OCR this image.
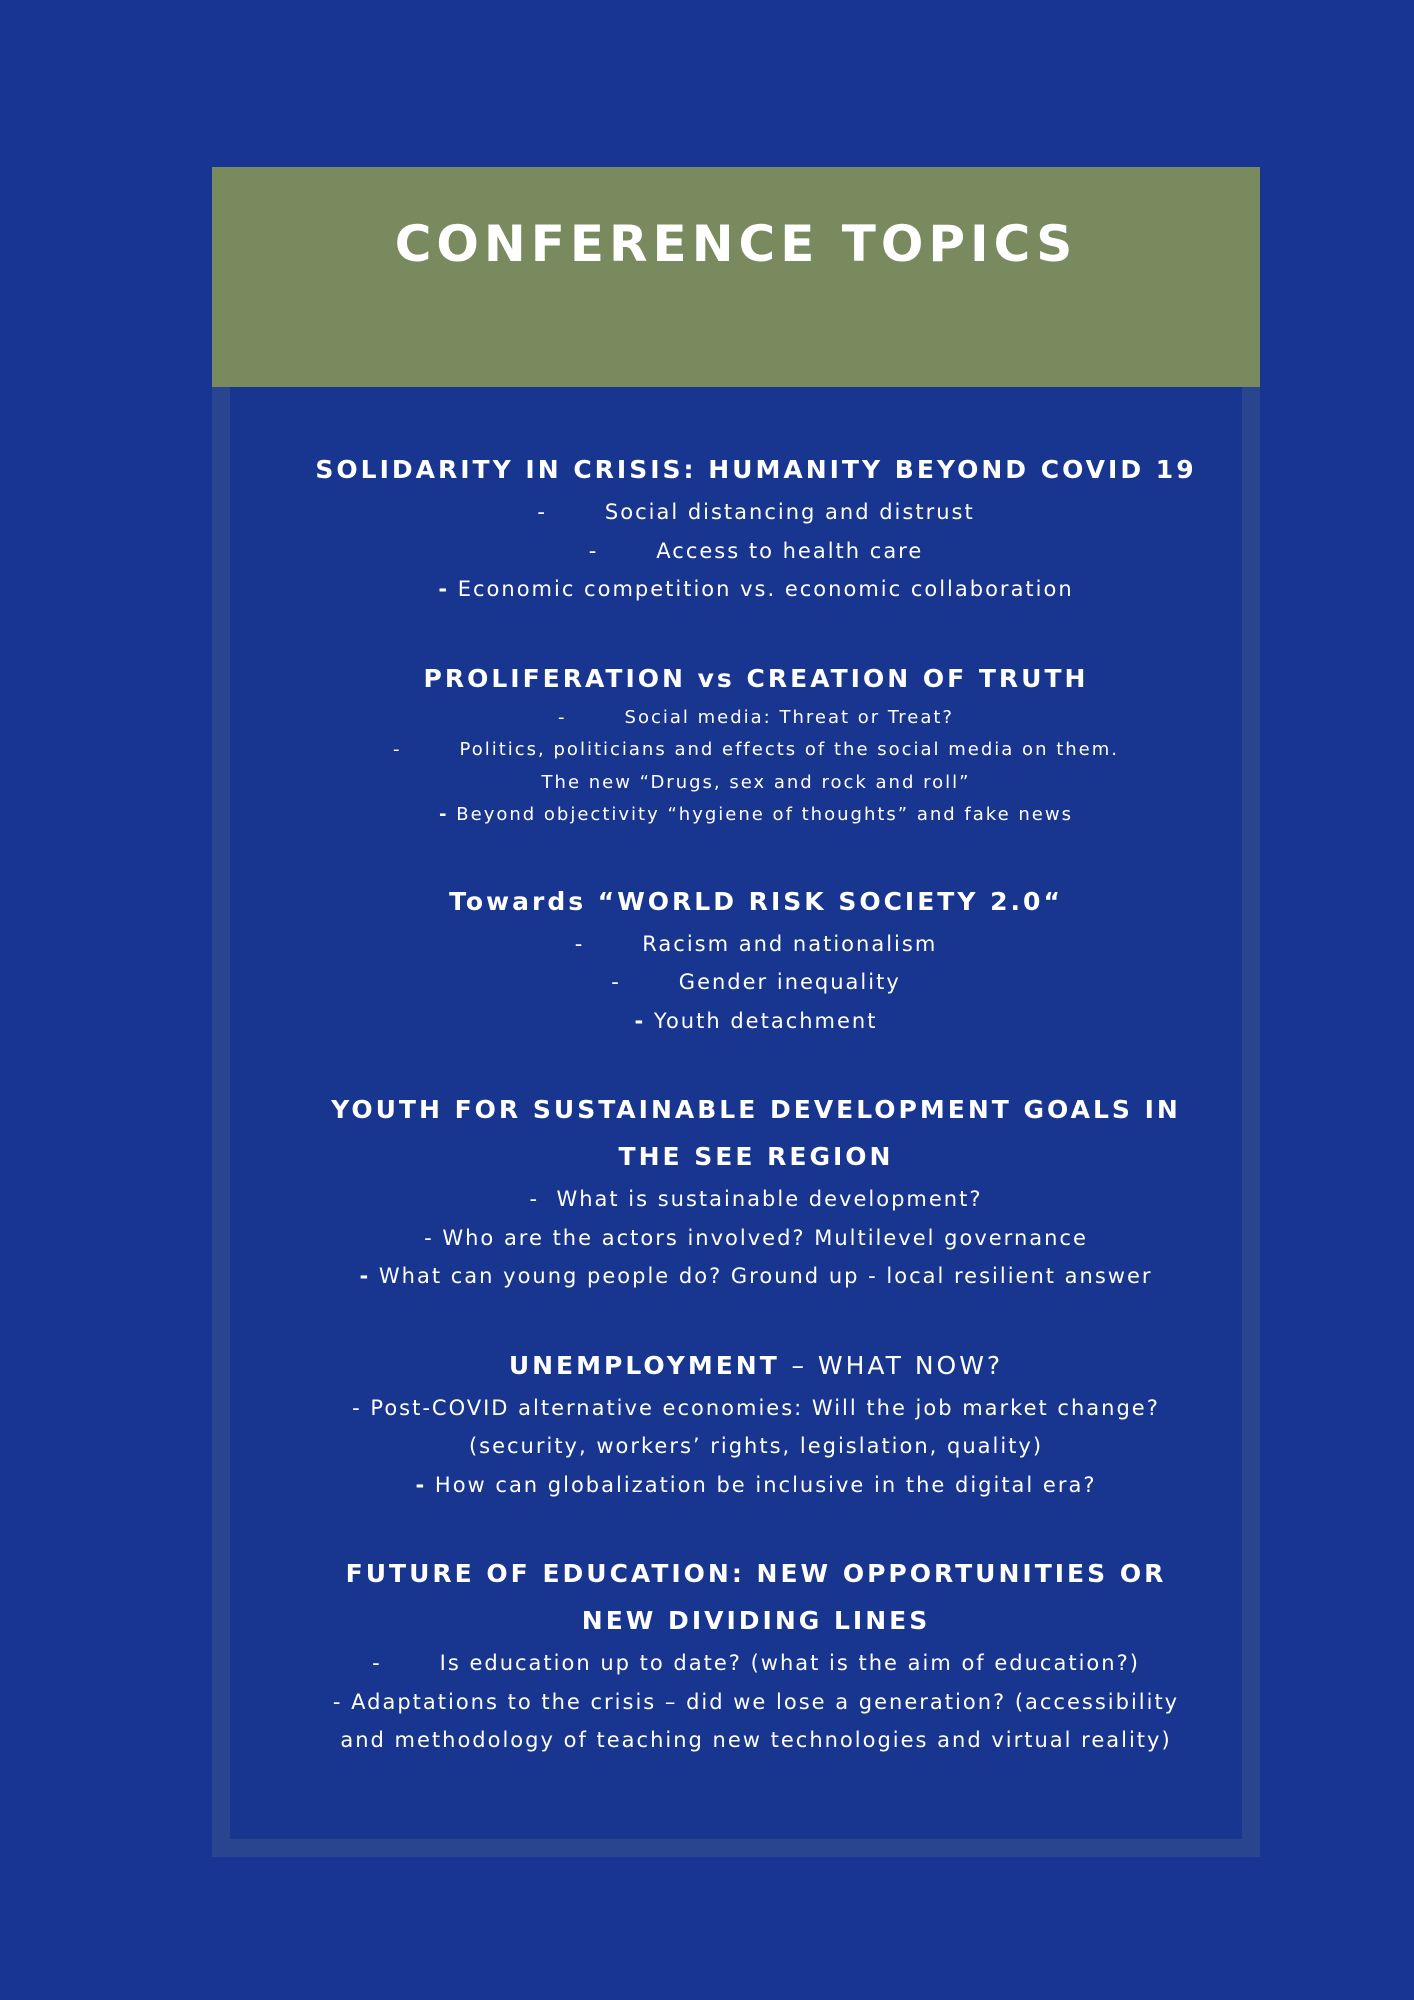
CONFERENCE TOPICS

SOLIDARITY IN CRISIS: HUMANITY BEYOND COVID 19

-	Social distancing and distrust

-	Access to health care

- Economic competition vs. economic collaboration

PROLIFERATION vs CREATION OF TRUTH

-	Social media: Threat or Treat?

-	Politics, politicians and effects of the social media on them.

The new “Drugs, sex and rock and roll”

- Beyond objectivity “hygiene of thoughts” and fake news

Towards “WORLD RISK SOCIETY 2.0“

-	Racism and nationalism

-	Gender inequality

- Youth detachment

YOUTH FOR SUSTAINABLE DEVELOPMENT GOALS IN

THE SEE REGION

- What is sustainable development?

- Who are the actors involved? Multilevel governance

- What can young people do? Ground up - local resilient answer

UNEMPLOYMENT – WHAT NOW?

- Post-COVID alternative economies: Will the job market change?

(security, workers’ rights, legislation, quality)

- How can globalization be inclusive in the digital era?

FUTURE OF EDUCATION: NEW OPPORTUNITIES OR

NEW DIVIDING LINES

-	Is education up to date? (what is the aim of education?)

- Adaptations to the crisis – did we lose a generation? (accessibility

and methodology of teaching new technologies and virtual reality)
